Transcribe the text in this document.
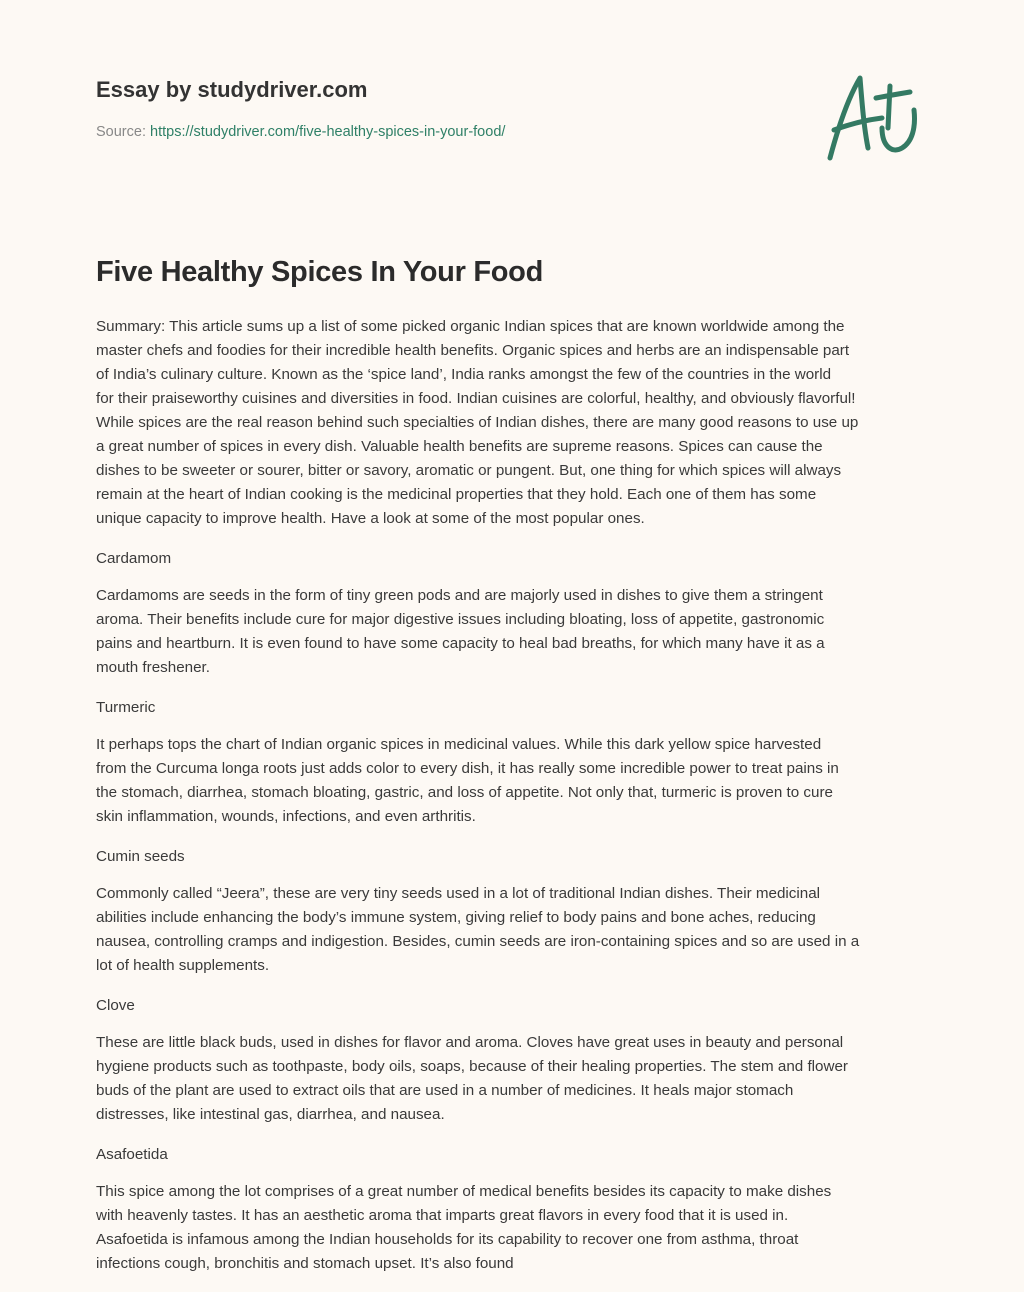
Essay by studydriver.com
Source: https://studydriver.com/five-healthy-spices-in-your-food/
Five Healthy Spices In Your Food
Summary: This article sums up a list of some picked organic Indian spices that are known worldwide among the
master chefs and foodies for their incredible health benefits. Organic spices and herbs are an indispensable part
of India’s culinary culture. Known as the ‘spice land’, India ranks amongst the few of the countries in the world
for their praiseworthy cuisines and diversities in food. Indian cuisines are colorful, healthy, and obviously flavorful!
While spices are the real reason behind such specialties of Indian dishes, there are many good reasons to use up
a great number of spices in every dish. Valuable health benefits are supreme reasons. Spices can cause the
dishes to be sweeter or sourer, bitter or savory, aromatic or pungent. But, one thing for which spices will always
remain at the heart of Indian cooking is the medicinal properties that they hold. Each one of them has some
unique capacity to improve health. Have a look at some of the most popular ones.
Cardamom
Cardamoms are seeds in the form of tiny green pods and are majorly used in dishes to give them a stringent
aroma. Their benefits include cure for major digestive issues including bloating, loss of appetite, gastronomic
pains and heartburn. It is even found to have some capacity to heal bad breaths, for which many have it as a
mouth freshener.
Turmeric
It perhaps tops the chart of Indian organic spices in medicinal values. While this dark yellow spice harvested
from the Curcuma longa roots just adds color to every dish, it has really some incredible power to treat pains in
the stomach, diarrhea, stomach bloating, gastric, and loss of appetite. Not only that, turmeric is proven to cure
skin inflammation, wounds, infections, and even arthritis.
Cumin seeds
Commonly called “Jeera”, these are very tiny seeds used in a lot of traditional Indian dishes. Their medicinal
abilities include enhancing the body’s immune system, giving relief to body pains and bone aches, reducing
nausea, controlling cramps and indigestion. Besides, cumin seeds are iron-containing spices and so are used in a
lot of health supplements.
Clove
These are little black buds, used in dishes for flavor and aroma. Cloves have great uses in beauty and personal
hygiene products such as toothpaste, body oils, soaps, because of their healing properties. The stem and flower
buds of the plant are used to extract oils that are used in a number of medicines. It heals major stomach
distresses, like intestinal gas, diarrhea, and nausea.
Asafoetida
This spice among the lot comprises of a great number of medical benefits besides its capacity to make dishes
with heavenly tastes. It has an aesthetic aroma that imparts great flavors in every food that it is used in.
Asafoetida is infamous among the Indian households for its capability to recover one from asthma, throat
infections cough, bronchitis and stomach upset. It’s also found
